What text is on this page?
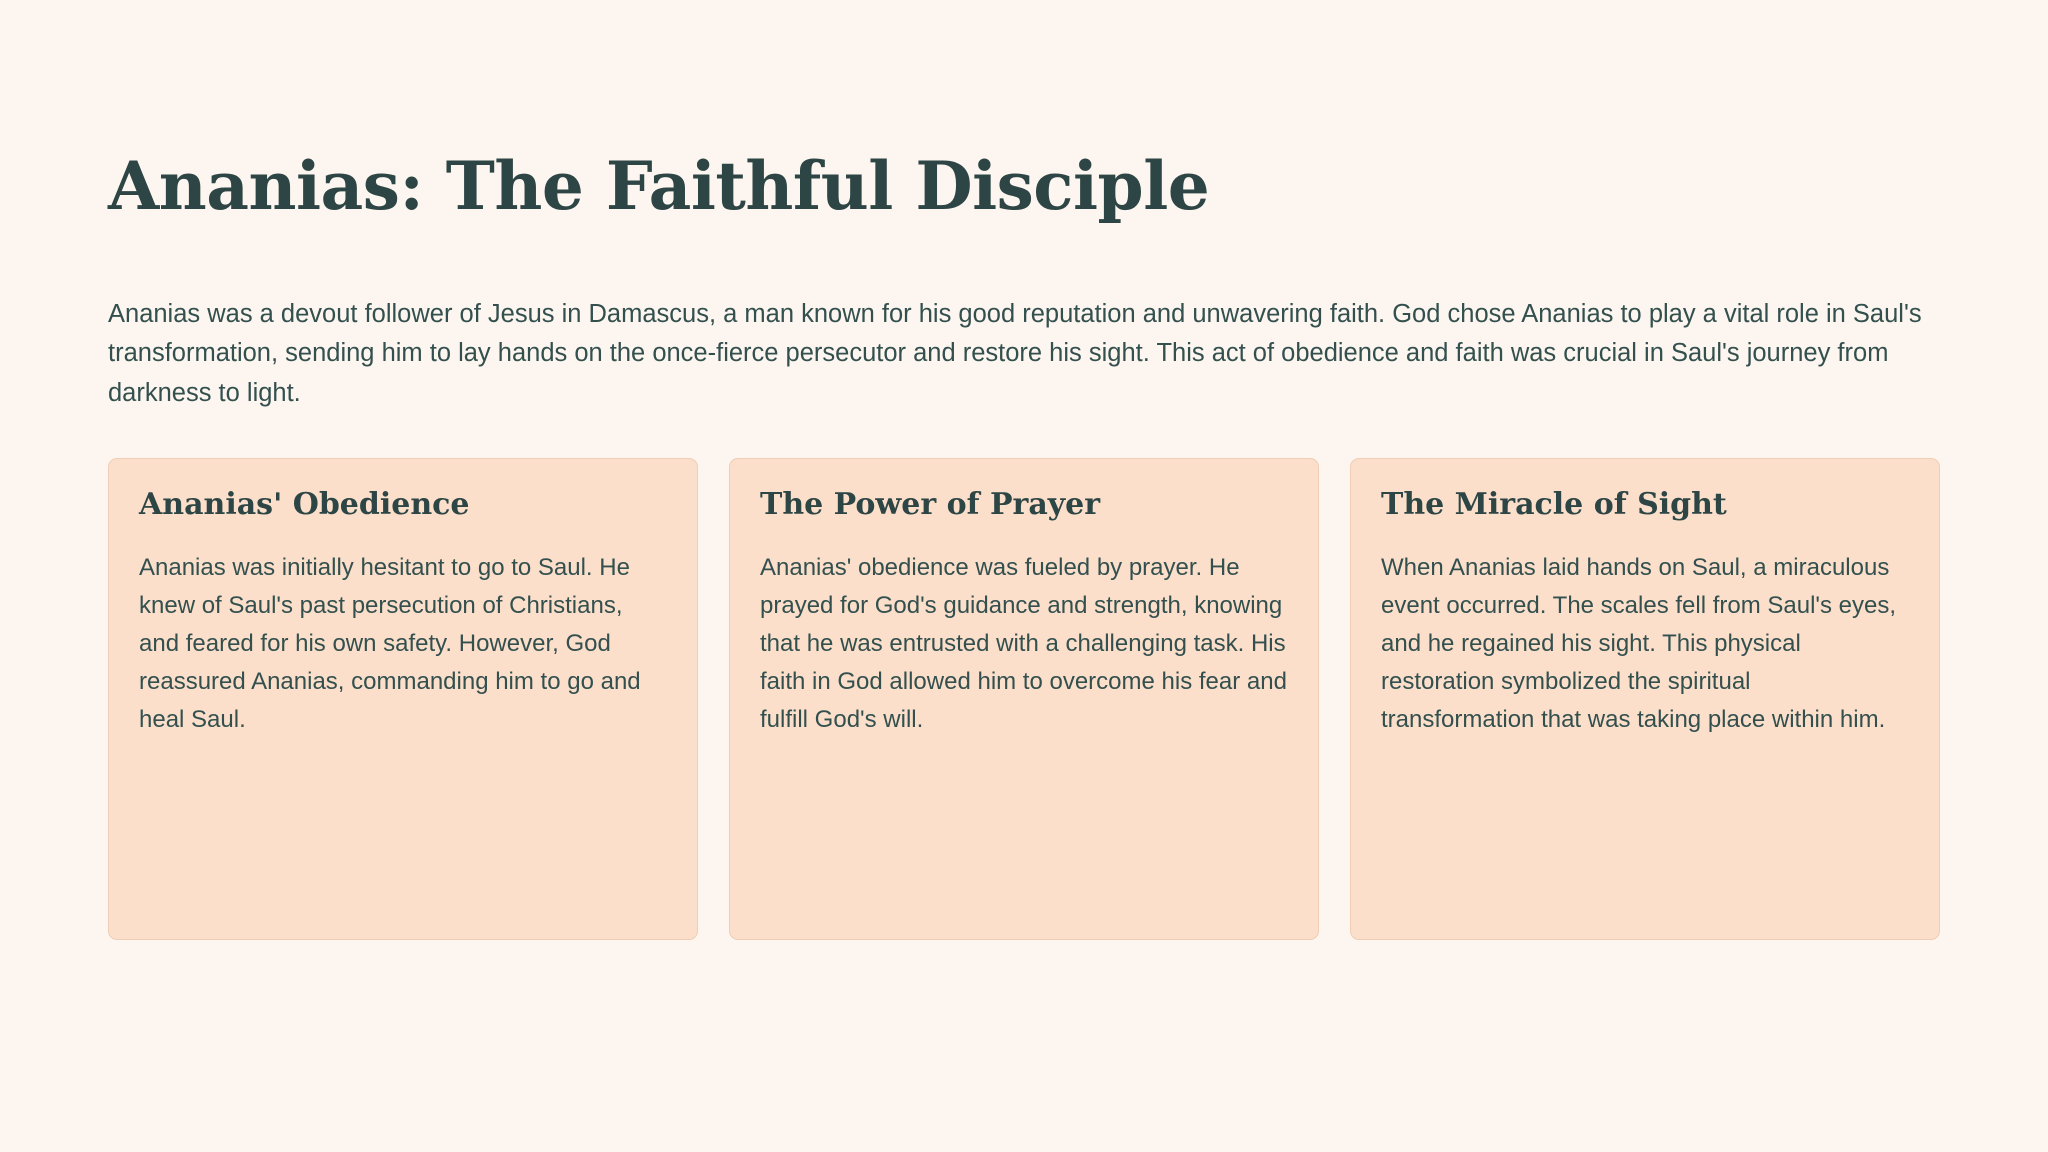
Ananias: The Faithful Disciple

Ananias was a devout follower of Jesus in Damascus, a man known for his good reputation and unwavering faith. God chose Ananias to play a vital role in Saul's transformation, sending him to lay hands on the once-fierce persecutor and restore his sight. This act of obedience and faith was crucial in Saul's journey from darkness to light.

Ananias' Obedience

Ananias was initially hesitant to go to Saul. He knew of Saul's past persecution of Christians, and feared for his own safety. However, God reassured Ananias, commanding him to go and heal Saul.

The Power of Prayer

Ananias' obedience was fueled by prayer. He prayed for God's guidance and strength, knowing that he was entrusted with a challenging task. His faith in God allowed him to overcome his fear and fulfill God's will.

The Miracle of Sight

When Ananias laid hands on Saul, a miraculous event occurred. The scales fell from Saul's eyes, and he regained his sight. This physical restoration symbolized the spiritual transformation that was taking place within him.
